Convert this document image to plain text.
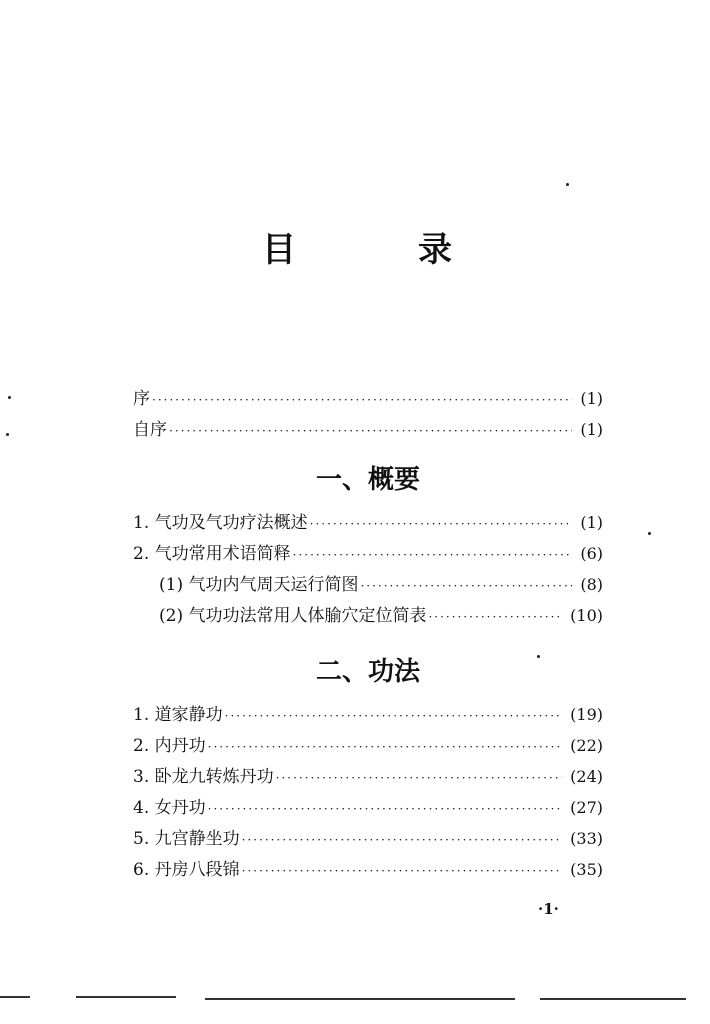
目	录
序 ·····	(1)
自序 ·····	(1)
一、概要
1. 气功及气功疗法概述 ·····	(1)
2. 气功常用术语简释 ·····	(6)
(1) 气功内气周天运行简图 ·····	(8)
(2) 气功功法常用人体腧穴定位简表 ·····	(10)
二、功法
1. 道家静功 ·····	(19)
2. 内丹功 ·····	(22)
3. 卧龙九转炼丹功 ·····	(24)
4. 女丹功 ·····	(27)
5. 九宫静坐功 ·····	(33)
6. 丹房八段锦 ·····	(35)
·1·
